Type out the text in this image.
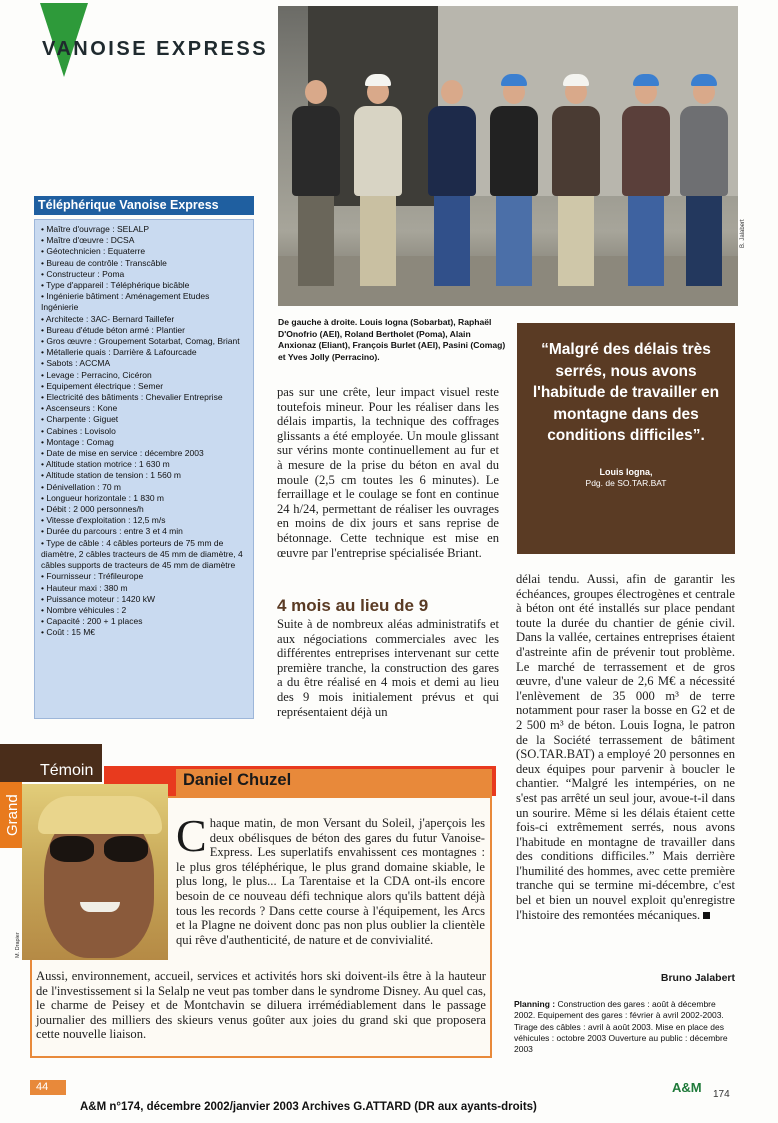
VANOISE EXPRESS
B. Jalabert
De gauche à droite. Louis Iogna (Sobarbat), Raphaël D'Onofrio (AEI), Roland Bertholet (Poma), Alain Anxionaz (Eliant), François Burlet (AEI), Pasini (Comag) et Yves Jolly (Perracino).
Téléphérique Vanoise Express
• Maître d'ouvrage : SELALP
• Maître d'œuvre : DCSA
• Géotechnicien : Equaterre
• Bureau de contrôle : Transcâble
• Constructeur : Poma
• Type d'appareil : Téléphérique bicâble
• Ingénierie bâtiment : Aménagement Etudes Ingénierie
• Architecte : 3AC- Bernard Taillefer
• Bureau d'étude béton armé : Plantier
• Gros œuvre : Groupement Sotarbat, Comag, Briant
• Métallerie quais : Darrière & Lafourcade
• Sabots : ACCMA
• Levage : Perracino, Cicéron
• Equipement électrique : Semer
• Electricité des bâtiments : Chevalier Entreprise
• Ascenseurs : Kone
• Charpente : Giguet
• Cabines : Lovisolo
• Montage : Comag
• Date de mise en service : décembre 2003
• Altitude station motrice : 1 630 m
• Altitude station de tension : 1 560 m
• Dénivellation : 70 m
• Longueur horizontale : 1 830 m
• Débit : 2 000 personnes/h
• Vitesse d'exploitation : 12,5 m/s
• Durée du parcours : entre 3 et 4 min
• Type de câble : 4 câbles porteurs de 75 mm de diamètre, 2 câbles tracteurs de 45 mm de diamètre, 4 câbles supports de tracteurs de 45 mm de diamètre
• Fournisseur : Tréfileurope
• Hauteur maxi : 380 m
• Puissance moteur : 1420 kW
• Nombre véhicules : 2
• Capacité : 200 + 1 places
• Coût : 15 M€
“Malgré des délais très serrés, nous avons l'habitude de travailler en montagne dans des conditions difficiles”.
Louis Iogna,
Pdg. de SO.TAR.BAT
pas sur une crête, leur impact visuel reste toutefois mineur. Pour les réaliser dans les délais impartis, la technique des coffrages glissants a été employée. Un moule glissant sur vérins monte continuellement au fur et à mesure de la prise du béton en aval du moule (2,5 cm toutes les 6 minutes). Le ferraillage et le coulage se font en continue 24 h/24, permettant de réaliser les ouvrages en moins de dix jours et sans reprise de bétonnage. Cette technique est mise en œuvre par l'entreprise spécialisée Briant.
4 mois au lieu de 9
Suite à de nombreux aléas administratifs et aux négociations commerciales avec les différentes entreprises intervenant sur cette première tranche, la construction des gares a du être réalisé en 4 mois et demi au lieu des 9 mois initialement prévus et qui représentaient déjà un
délai tendu. Aussi, afin de garantir les échéances, groupes électrogènes et centrale à béton ont été installés sur place pendant toute la durée du chantier de génie civil. Dans la vallée, certaines entreprises étaient d'astreinte afin de prévenir tout problème. Le marché de terrassement et de gros œuvre, d'une valeur de 2,6 M€ a nécessité l'enlèvement de 35 000 m³ de terre notamment pour raser la bosse en G2 et de 2 500 m³ de béton. Louis Iogna, le patron de la Société terrassement de bâtiment (SO.TAR.BAT) a employé 20 personnes en deux équipes pour parvenir à boucler le chantier. “Malgré les intempéries, on ne s'est pas arrêté un seul jour, avoue-t-il dans un sourire. Même si les délais étaient cette fois-ci extrêmement serrés, nous avons l'habitude en montagne de travailler dans des conditions difficiles.” Mais derrière l'humilité des hommes, avec cette première tranche qui se termine mi-décembre, c'est bel et bien un nouvel exploit qu'enregistre l'histoire des remontées mécaniques.
Bruno Jalabert
Planning : Construction des gares : août à décembre 2002. Equipement des gares : février à avril 2002-2003. Tirage des câbles : avril à août 2003. Mise en place des véhicules : octobre 2003 Ouverture au public : décembre 2003
Témoin
Daniel Chuzel
Grand
M. Drapier
Chaque matin, de mon Versant du Soleil, j'aperçois les deux obélisques de béton des gares du futur Vanoise-Express. Les superlatifs envahissent ces montagnes : le plus gros téléphérique, le plus grand domaine skiable, le plus long, le plus... La Tarentaise et la CDA ont-ils encore besoin de ce nouveau défi technique alors qu'ils battent déjà tous les records ? Dans cette course à l'équipement, les Arcs et la Plagne ne doivent donc pas non plus oublier la clientèle qui rêve d'authenticité, de nature et de convivialité.
Aussi, environnement, accueil, services et activités hors ski doivent-ils être à la hauteur de l'investissement si la Selalp ne veut pas tomber dans le syndrome Disney. Au quel cas, le charme de Peisey et de Montchavin se diluera irrémédiablement dans le passage journalier des milliers des skieurs venus goûter aux joies du grand ski que proposera cette nouvelle liaison.
44	A&M 174
A&M n°174, décembre 2002/janvier 2003 Archives G.ATTARD (DR aux ayants-droits)
